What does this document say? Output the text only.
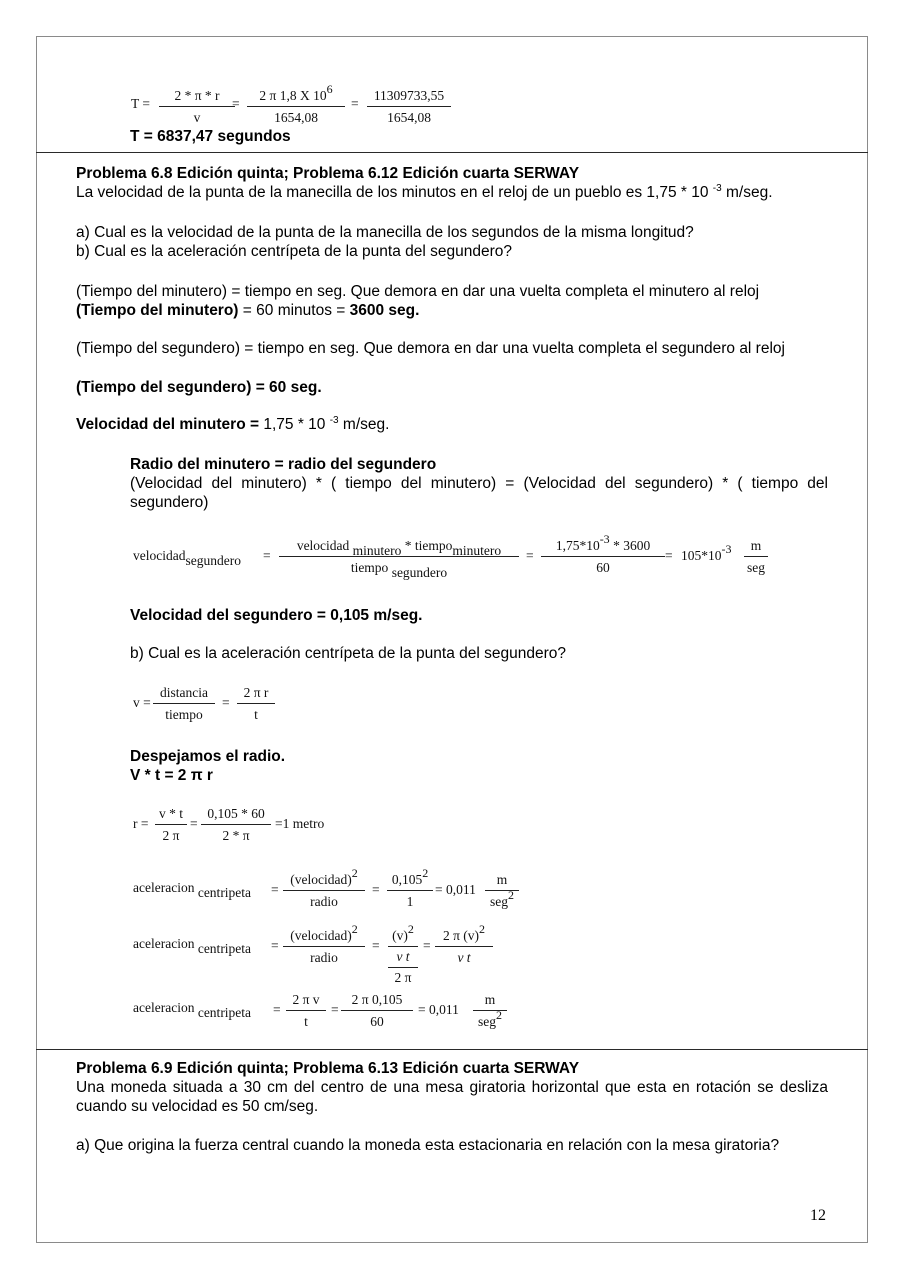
$T = \frac{2 * \pi * r}{v}$
= $\frac{2 \pi 1,8 X 106}{1654,08} = \frac{11309733,55}{1654,08}$
T = 6837,47 segundos
Problema 6.8 Edición quinta; Problema 6.12 Edición cuarta SERWAY
La velocidad de la punta de la manecilla de los minutos en el reloj de un pueblo es 1,75 * 10 $^{-3}$ m/seg.
a) Cual es la velocidad de la punta de la manecilla de los segundos de la misma longitud?
b) Cual es la aceleración centrípeta de la punta del segundero?
(Tiempo del minutero) = tiempo en seg. Que demora en dar una vuelta completa el minutero al reloj
(Tiempo del minutero) = 60 minutos = 3600 seg.
(Tiempo del segundero) = tiempo en seg. Que demora en dar una vuelta completa el segundero al reloj
(Tiempo del segundero) = 60 seg.
Velocidad del minutero = 1,75 * 10 $^{-3}$ m/seg.
Radio del minutero = radio del segundero
(Velocidad del minutero) * ( tiempo del minutero) = (Velocidad del segundero) * ( tiempo del segundero)
velocidadsegundero =
velocidad minutero * tiempominutero
tiempo segundero
= $\frac{1,75*10-3 * 3600}{60} = 105*10-3$	m
seg
Velocidad del segundero = 0,105 m/seg.
b) Cual es la aceleración centrípeta de la punta del segundero?
v =
distancia
tiempo
= $\frac{\text{2 π r}}{t}$
Despejamos el radio.
V * t = 2 π r
$r = \frac{v * t}{2 \pi} = \frac{0,105 * 60}{2 * \pi} =1$ metro
aceleracion centripeta =
(velocidad)2
radio
= $\frac{0,1052}{1} = 0,011$
m
seg2
aceleracion centripeta =
(velocidad)2
radio
= (v)2
v t
2 $\pi = \frac{2 \pi (v)2}{\text{v t}}$
aceleracion centripeta = $\frac{\text{2 π v}}{t} = \frac{2 \pi 0,105}{60} = 0,011$
m
seg2
Problema 6.9 Edición quinta; Problema 6.13 Edición cuarta SERWAY
Una moneda situada a 30 cm del centro de una mesa giratoria horizontal que esta en rotación se desliza cuando su velocidad es 50 cm/seg.
a) Que origina la fuerza central cuando la moneda esta estacionaria en relación con la mesa giratoria?
12
